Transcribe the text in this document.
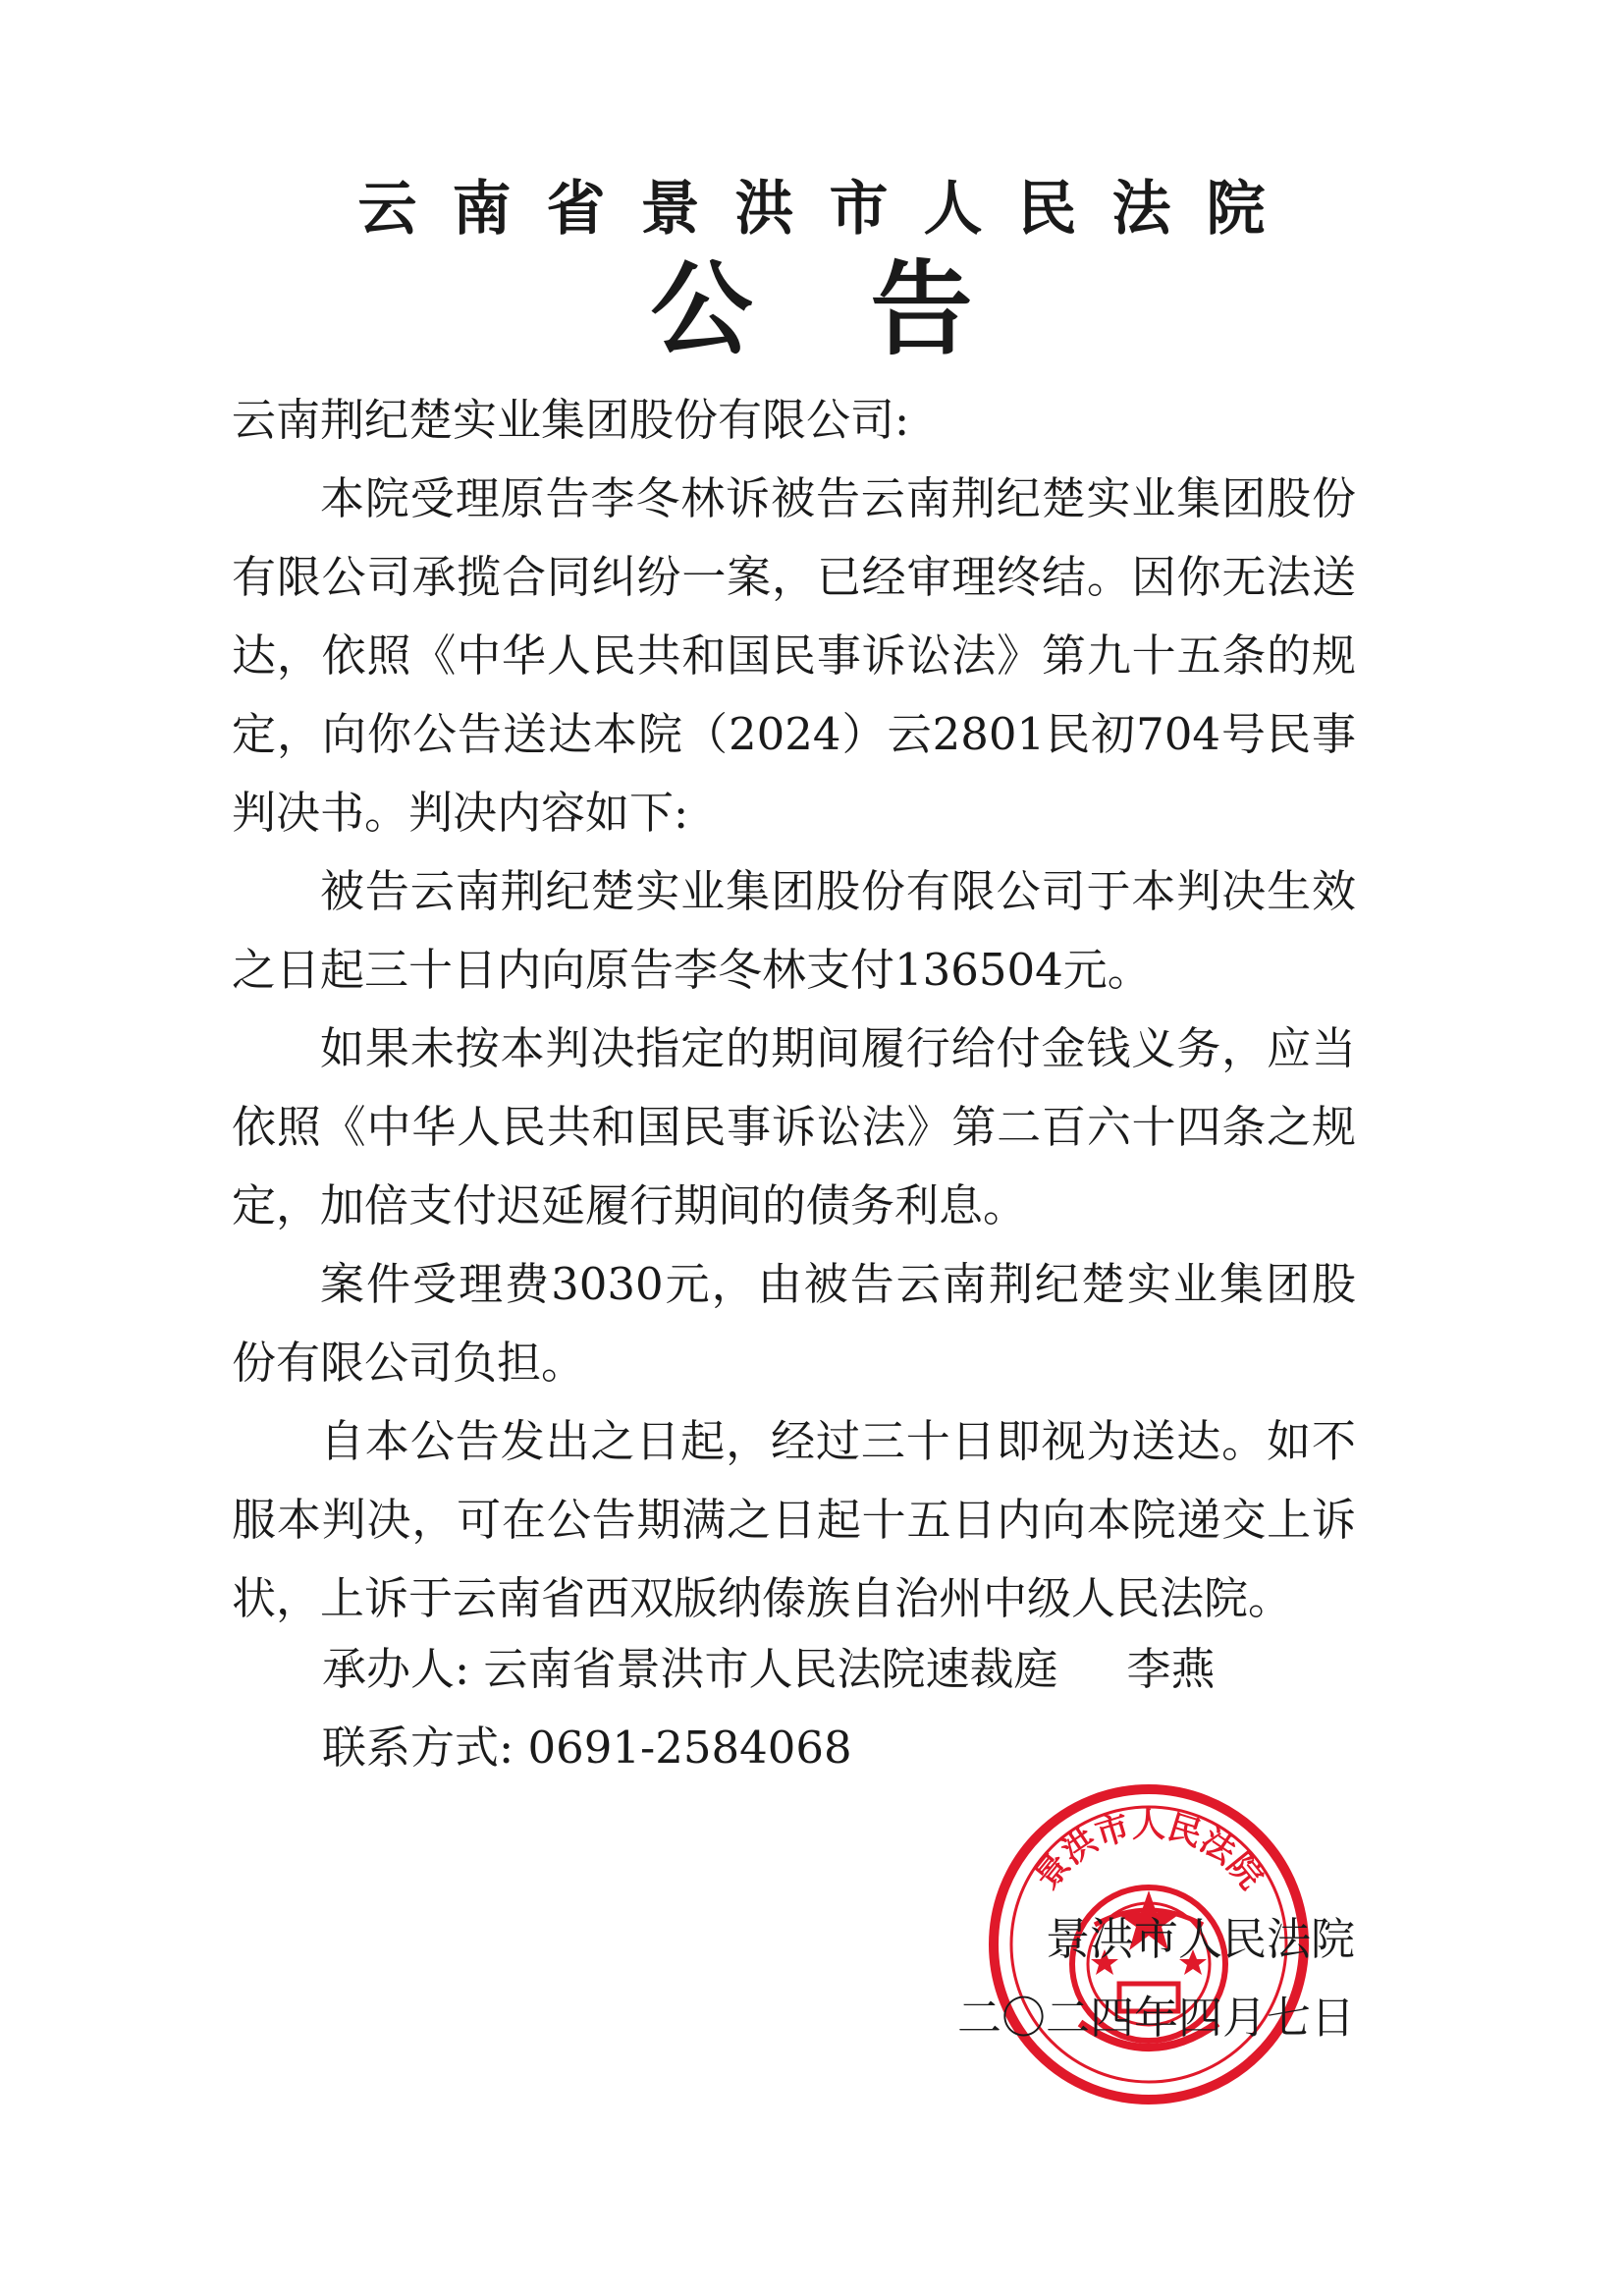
云南省景洪市人民法院
公告

云南荆纪楚实业集团股份有限公司:

本院受理原告李冬林诉被告云南荆纪楚实业集团股份有限公司承揽合同纠纷一案，已经审理终结。因你无法送达，依照《中华人民共和国民事诉讼法》第九十五条的规定，向你公告送达本院（2024）云2801民初704号民事判决书。判决内容如下:

被告云南荆纪楚实业集团股份有限公司于本判决生效之日起三十日内向原告李冬林支付136504元。

如果未按本判决指定的期间履行给付金钱义务，应当依照《中华人民共和国民事诉讼法》第二百六十四条之规定，加倍支付迟延履行期间的债务利息。

案件受理费3030元，由被告云南荆纪楚实业集团股份有限公司负担。

自本公告发出之日起，经过三十日即视为送达。如不服本判决，可在公告期满之日起十五日内向本院递交上诉状，上诉于云南省西双版纳傣族自治州中级人民法院。

承办人: 云南省景洪市人民法院速裁庭 李燕
联系方式: 0691-2584068
景洪市人民法院
景洪市人民法院
二〇二四年四月七日
